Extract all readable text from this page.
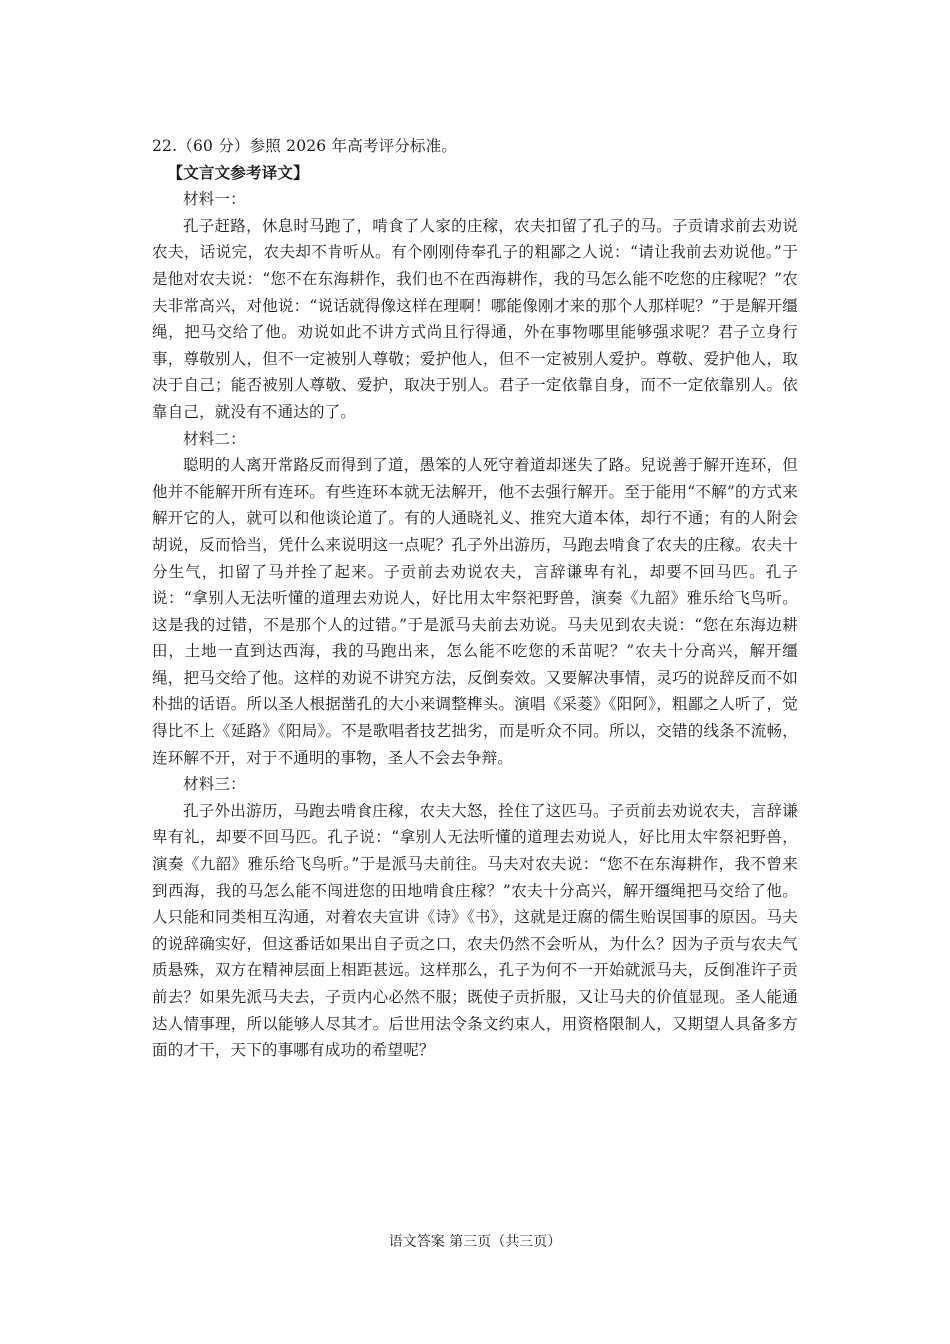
22.（60 分）参照 2026 年高考评分标准。

【文言文参考译文】

材料一：

孔子赶路，休息时马跑了，啃食了人家的庄稼，农夫扣留了孔子的马。子贡请求前去劝说农夫，话说完，农夫却不肯听从。有个刚刚侍奉孔子的粗鄙之人说：“请让我前去劝说他。”于是他对农夫说：“您不在东海耕作，我们也不在西海耕作，我的马怎么能不吃您的庄稼呢？”农夫非常高兴，对他说：“说话就得像这样在理啊！哪能像刚才来的那个人那样呢？”于是解开缰绳，把马交给了他。劝说如此不讲方式尚且行得通，外在事物哪里能够强求呢？君子立身行事，尊敬别人，但不一定被别人尊敬；爱护他人，但不一定被别人爱护。尊敬、爱护他人，取决于自己；能否被别人尊敬、爱护，取决于别人。君子一定依靠自身，而不一定依靠别人。依靠自己，就没有不通达的了。

材料二：

聪明的人离开常路反而得到了道，愚笨的人死守着道却迷失了路。兒说善于解开连环，但他并不能解开所有连环。有些连环本就无法解开，他不去强行解开。至于能用“不解”的方式来解开它的人，就可以和他谈论道了。有的人通晓礼义、推究大道本体，却行不通；有的人附会胡说，反而恰当，凭什么来说明这一点呢？孔子外出游历，马跑去啃食了农夫的庄稼。农夫十分生气，扣留了马并拴了起来。子贡前去劝说农夫，言辞谦卑有礼，却要不回马匹。孔子说：“拿别人无法听懂的道理去劝说人，好比用太牢祭祀野兽，演奏《九韶》雅乐给飞鸟听。这是我的过错，不是那个人的过错。”于是派马夫前去劝说。马夫见到农夫说：“您在东海边耕田，土地一直到达西海，我的马跑出来，怎么能不吃您的禾苗呢？”农夫十分高兴，解开缰绳，把马交给了他。这样的劝说不讲究方法，反倒奏效。又要解决事情，灵巧的说辞反而不如朴拙的话语。所以圣人根据凿孔的大小来调整榫头。演唱《采菱》《阳阿》，粗鄙之人听了，觉得比不上《延路》《阳局》。不是歌唱者技艺拙劣，而是听众不同。所以，交错的线条不流畅，连环解不开，对于不通明的事物，圣人不会去争辩。

材料三：

孔子外出游历，马跑去啃食庄稼，农夫大怒，拴住了这匹马。子贡前去劝说农夫，言辞谦卑有礼，却要不回马匹。孔子说：“拿别人无法听懂的道理去劝说人，好比用太牢祭祀野兽，演奏《九韶》雅乐给飞鸟听。”于是派马夫前往。马夫对农夫说：“您不在东海耕作，我不曾来到西海，我的马怎么能不闯进您的田地啃食庄稼？”农夫十分高兴，解开缰绳把马交给了他。人只能和同类相互沟通，对着农夫宣讲《诗》《书》，这就是迂腐的儒生贻误国事的原因。马夫的说辞确实好，但这番话如果出自子贡之口，农夫仍然不会听从，为什么？因为子贡与农夫气质悬殊，双方在精神层面上相距甚远。这样那么，孔子为何不一开始就派马夫，反倒准许子贡前去？如果先派马夫去，子贡内心必然不服；既使子贡折服，又让马夫的价值显现。圣人能通达人情事理，所以能够人尽其才。后世用法令条文约束人，用资格限制人，又期望人具备多方面的才干，天下的事哪有成功的希望呢？

语文答案 第三页（共三页）
